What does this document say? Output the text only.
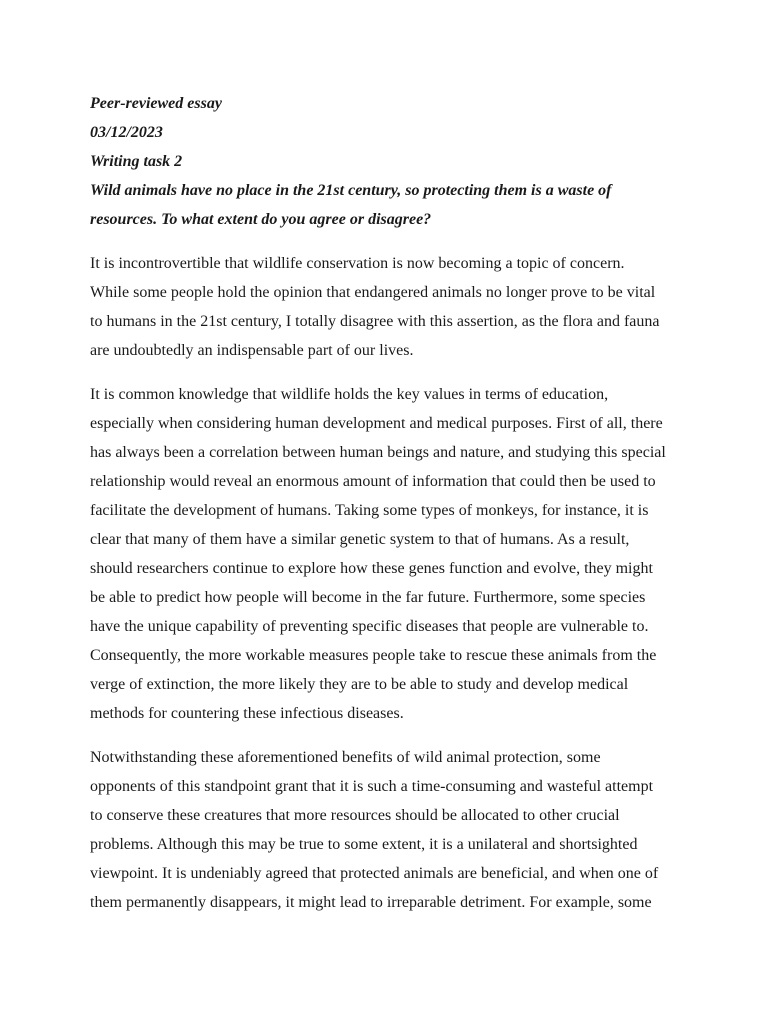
Peer-reviewed essay
03/12/2023
Writing task 2
Wild animals have no place in the 21st century, so protecting them is a waste of
resources. To what extent do you agree or disagree?
It is incontrovertible that wildlife conservation is now becoming a topic of concern.
While some people hold the opinion that endangered animals no longer prove to be vital
to humans in the 21st century, I totally disagree with this assertion, as the flora and fauna
are undoubtedly an indispensable part of our lives.
It is common knowledge that wildlife holds the key values in terms of education,
especially when considering human development and medical purposes. First of all, there
has always been a correlation between human beings and nature, and studying this special
relationship would reveal an enormous amount of information that could then be used to
facilitate the development of humans. Taking some types of monkeys, for instance, it is
clear that many of them have a similar genetic system to that of humans. As a result,
should researchers continue to explore how these genes function and evolve, they might
be able to predict how people will become in the far future. Furthermore, some species
have the unique capability of preventing specific diseases that people are vulnerable to.
Consequently, the more workable measures people take to rescue these animals from the
verge of extinction, the more likely they are to be able to study and develop medical
methods for countering these infectious diseases.
Notwithstanding these aforementioned benefits of wild animal protection, some
opponents of this standpoint grant that it is such a time-consuming and wasteful attempt
to conserve these creatures that more resources should be allocated to other crucial
problems. Although this may be true to some extent, it is a unilateral and shortsighted
viewpoint. It is undeniably agreed that protected animals are beneficial, and when one of
them permanently disappears, it might lead to irreparable detriment. For example, some
